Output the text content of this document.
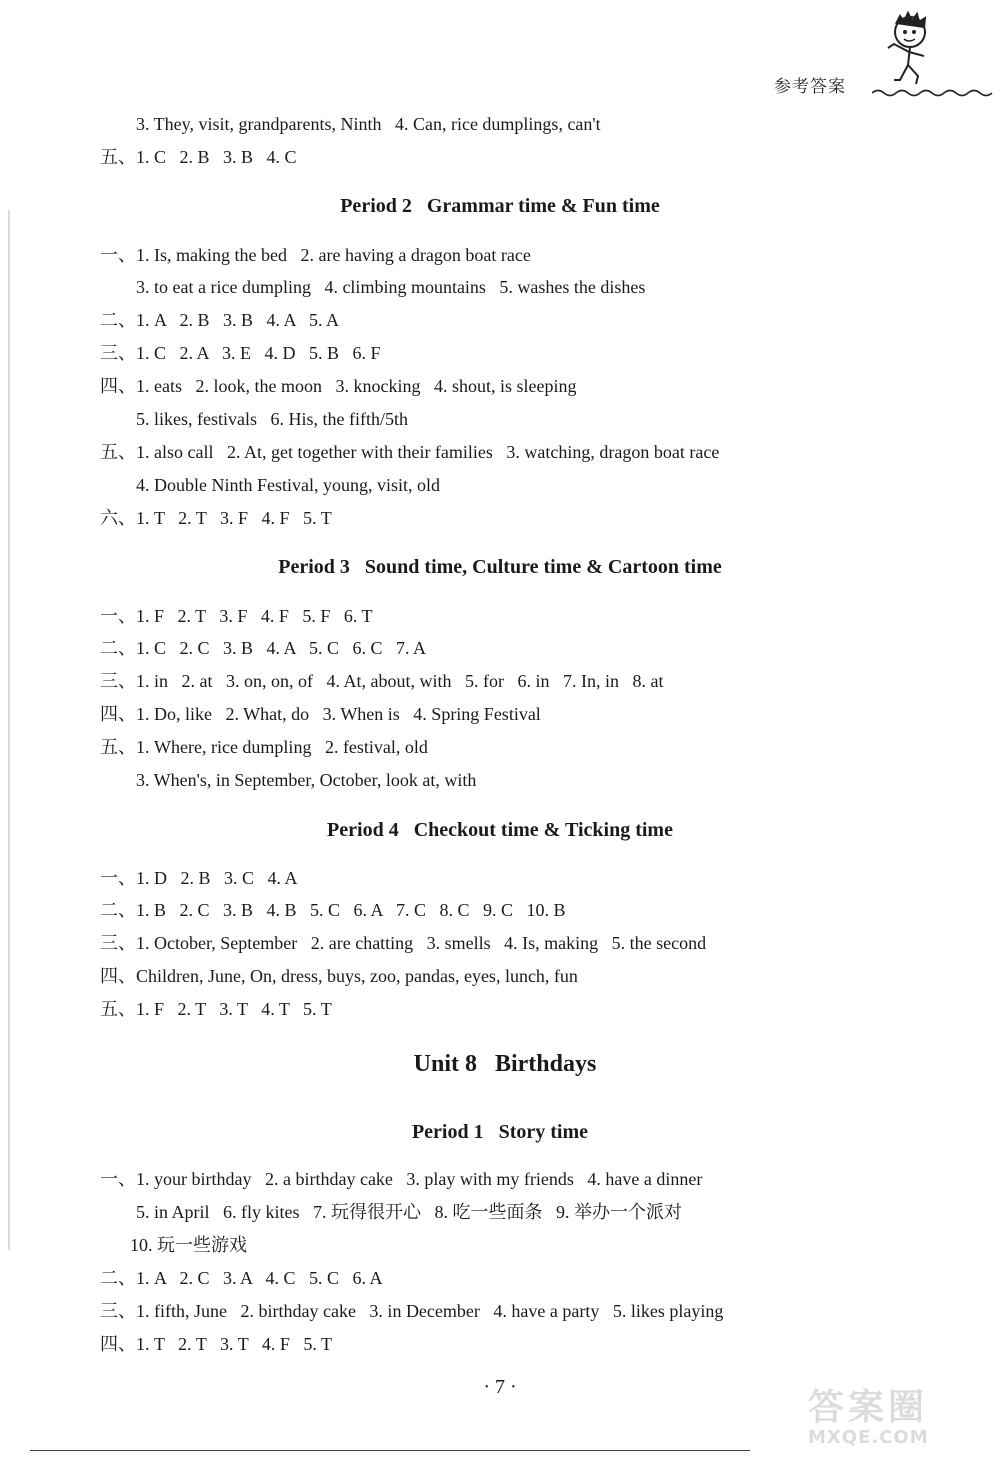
参考答案
3. They, visit, grandparents, Ninth   4. Can, rice dumplings, can't
五、1. C   2. B   3. B   4. C
Period 2   Grammar time & Fun time
一、1. Is, making the bed   2. are having a dragon boat race
3. to eat a rice dumpling   4. climbing mountains   5. washes the dishes
二、1. A   2. B   3. B   4. A   5. A
三、1. C   2. A   3. E   4. D   5. B   6. F
四、1. eats   2. look, the moon   3. knocking   4. shout, is sleeping
5. likes, festivals   6. His, the fifth/5th
五、1. also call   2. At, get together with their families   3. watching, dragon boat race
4. Double Ninth Festival, young, visit, old
六、1. T   2. T   3. F   4. F   5. T
Period 3   Sound time, Culture time & Cartoon time
一、1. F   2. T   3. F   4. F   5. F   6. T
二、1. C   2. C   3. B   4. A   5. C   6. C   7. A
三、1. in   2. at   3. on, on, of   4. At, about, with   5. for   6. in   7. In, in   8. at
四、1. Do, like   2. What, do   3. When is   4. Spring Festival
五、1. Where, rice dumpling   2. festival, old
3. When's, in September, October, look at, with
Period 4   Checkout time & Ticking time
一、1. D   2. B   3. C   4. A
二、1. B   2. C   3. B   4. B   5. C   6. A   7. C   8. C   9. C   10. B
三、1. October, September   2. are chatting   3. smells   4. Is, making   5. the second
四、Children, June, On, dress, buys, zoo, pandas, eyes, lunch, fun
五、1. F   2. T   3. T   4. T   5. T
Unit 8   Birthdays
Period 1   Story time
一、1. your birthday   2. a birthday cake   3. play with my friends   4. have a dinner
5. in April   6. fly kites   7. 玩得很开心   8. 吃一些面条   9. 举办一个派对
10. 玩一些游戏
二、1. A   2. C   3. A   4. C   5. C   6. A
三、1. fifth, June   2. birthday cake   3. in December   4. have a party   5. likes playing
四、1. T   2. T   3. T   4. F   5. T
· 7 ·	答案圈
MXQE.COM
